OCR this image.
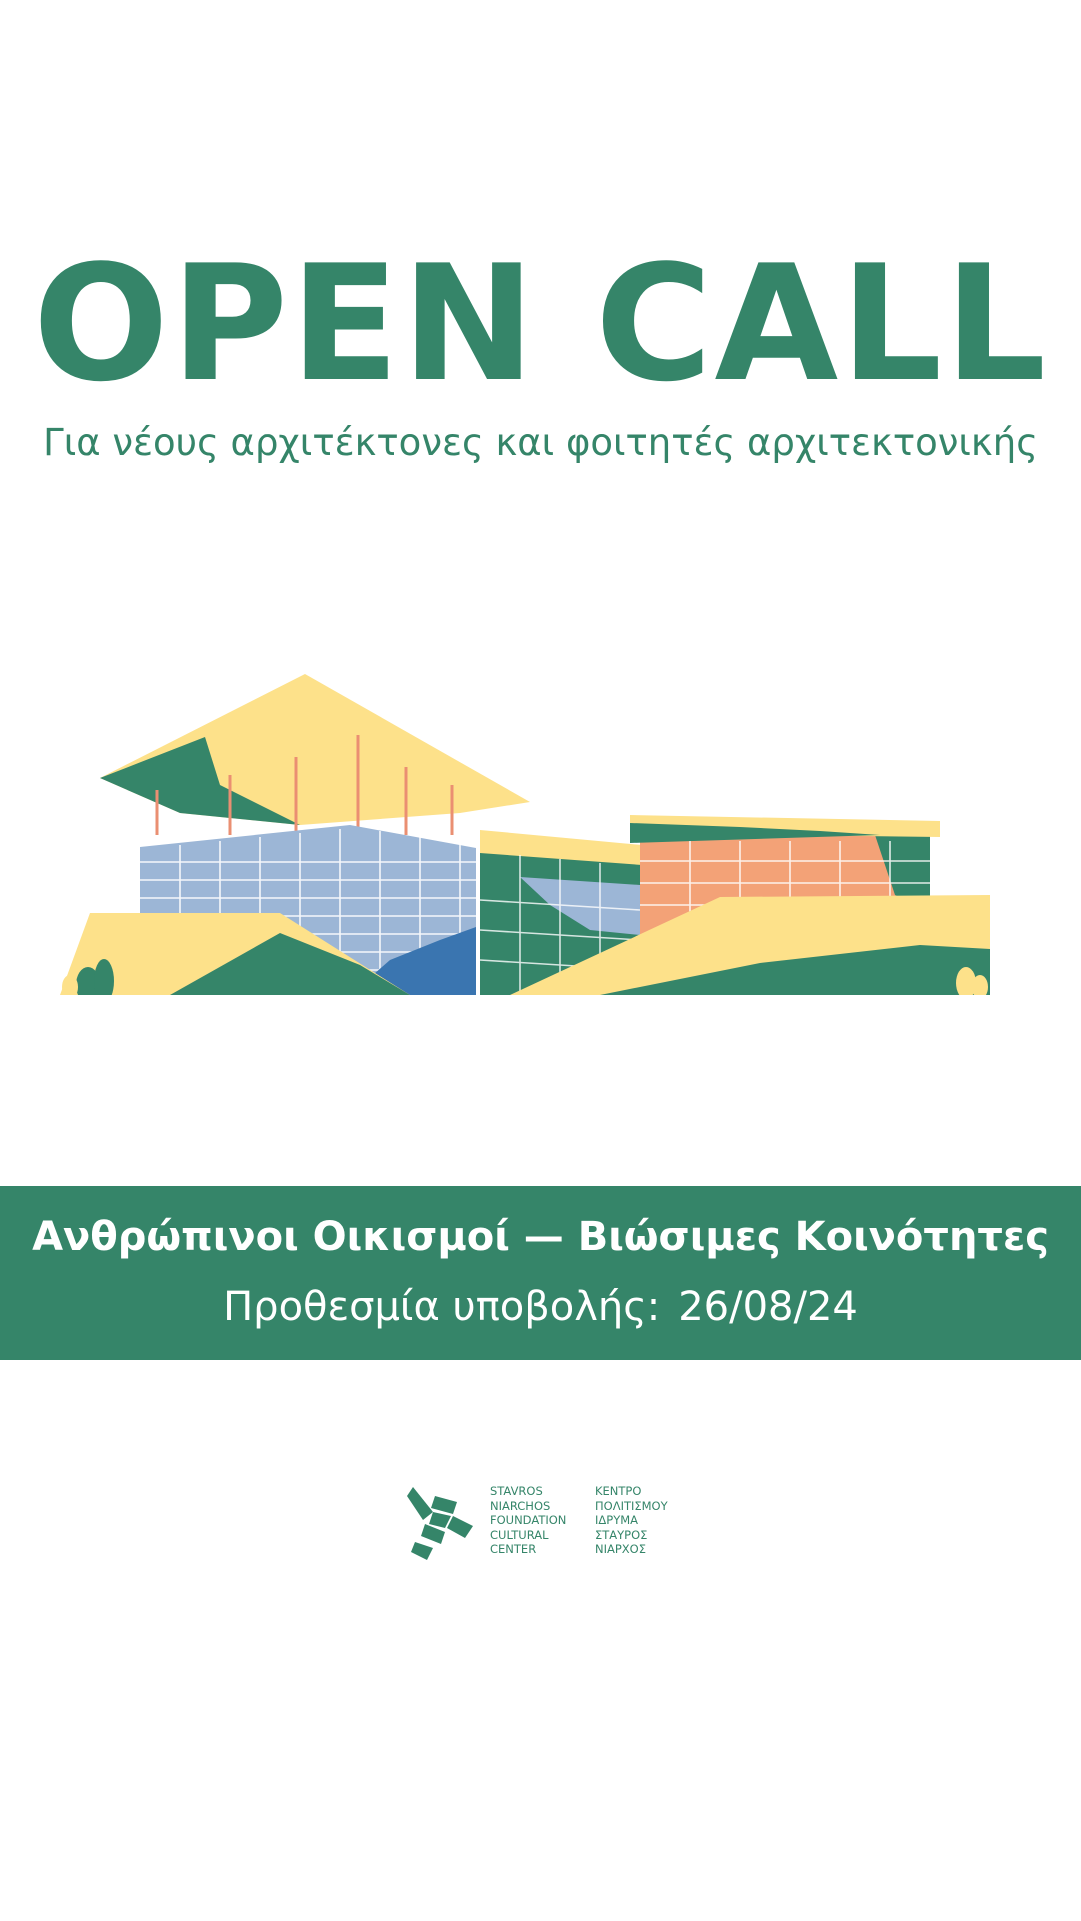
OPEN CALL
Για νέους αρχιτέκτονες και φοιτητές αρχιτεκτονικής
Ανθρώπινοι Οικισμοί — Βιώσιμες Κοινότητες
Προθεσμία υποβολής: 26/08/24
STAVROS
NIARCHOS
FOUNDATION
CULTURAL
CENTER
ΚΕΝΤΡΟ
ΠΟΛΙΤΙΣΜΟΥ
ΙΔΡΥΜΑ
ΣΤΑΥΡΟΣ
ΝΙΑΡΧΟΣ
